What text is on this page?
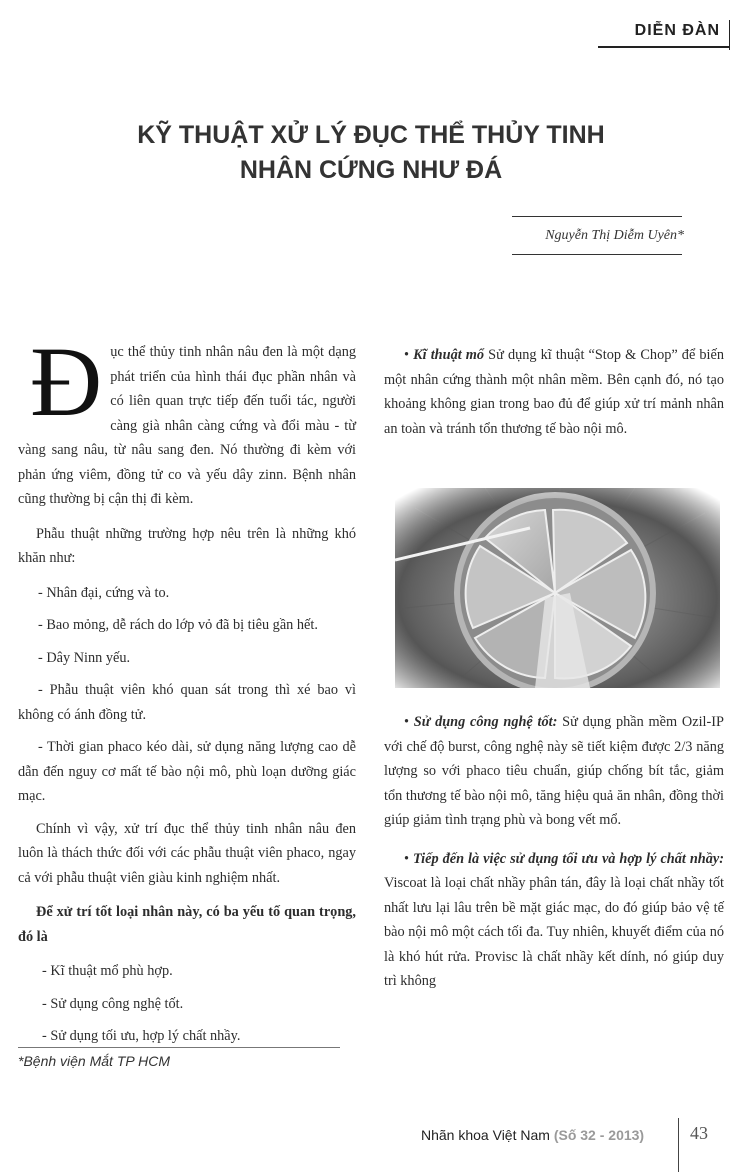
DIỄN ĐÀN
KỸ THUẬT XỬ LÝ ĐỤC THỂ THỦY TINH
NHÂN CỨNG NHƯ ĐÁ
Nguyễn Thị Diễm Uyên*

Đục thể thủy tinh nhân nâu đen là một dạng phát triển của hình thái đục phần nhân và có liên quan trực tiếp đến tuổi tác, người càng già nhân càng cứng và đổi màu - từ vàng sang nâu, từ nâu sang đen. Nó thường đi kèm với phản ứng viêm, đồng tử co và yếu dây zinn. Bệnh nhân cũng thường bị cận thị đi kèm.

Phẫu thuật những trường hợp nêu trên là những khó khăn như:

- Nhân đại, cứng và to.

- Bao mỏng, dễ rách do lớp vỏ đã bị tiêu gần hết.

- Dây Ninn yếu.

- Phẫu thuật viên khó quan sát trong thì xé bao vì không có ánh đồng tử.

- Thời gian phaco kéo dài, sử dụng năng lượng cao dễ dẫn đến nguy cơ mất tế bào nội mô, phù loạn dưỡng giác mạc.

Chính vì vậy, xử trí đục thể thủy tinh nhân nâu đen luôn là thách thức đối với các phẫu thuật viên phaco, ngay cả với phẫu thuật viên giàu kinh nghiệm nhất.

Để xử trí tốt loại nhân này, có ba yếu tố quan trọng, đó là

- Kĩ thuật mổ phù hợp.

- Sử dụng công nghệ tốt.

- Sử dụng tối ưu, hợp lý chất nhầy.

• Kĩ thuật mổ Sử dụng kĩ thuật “Stop & Chop” để biến một nhân cứng thành một nhân mềm. Bên cạnh đó, nó tạo khoảng không gian trong bao đủ để giúp xử trí mảnh nhân an toàn và tránh tổn thương tế bào nội mô.

• Sử dụng công nghệ tốt: Sử dụng phần mềm Ozil-IP với chế độ burst, công nghệ này sẽ tiết kiệm được 2/3 năng lượng so với phaco tiêu chuẩn, giúp chống bít tắc, giảm tổn thương tế bào nội mô, tăng hiệu quả ăn nhân, đồng thời giúp giảm tình trạng phù và bong vết mổ.

• Tiếp đến là việc sử dụng tối ưu và hợp lý chất nhầy: Viscoat là loại chất nhầy phân tán, đây là loại chất nhầy tốt nhất lưu lại lâu trên bề mặt giác mạc, do đó giúp bảo vệ tế bào nội mô một cách tối đa. Tuy nhiên, khuyết điểm của nó là khó hút rửa. Provisc là chất nhầy kết dính, nó giúp duy trì không

*Bệnh viện Mắt TP HCM
Nhãn khoa Việt Nam (Số 32 - 2013)	43
